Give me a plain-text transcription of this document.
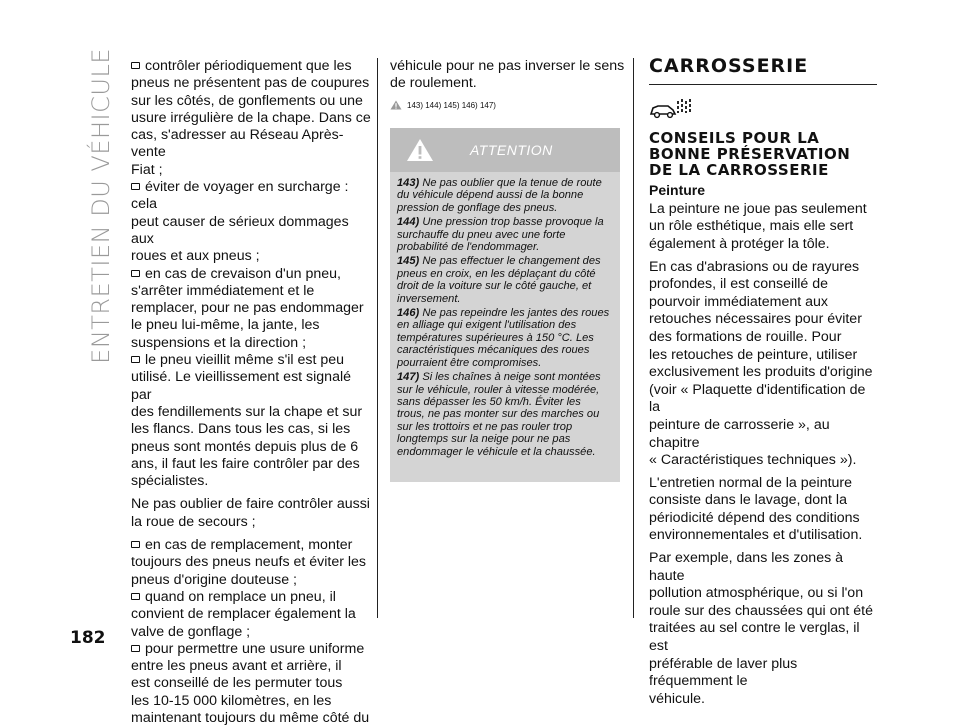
ENTRETIEN DU VÉHICULE
182

contrôler périodiquement que les

pneus ne présentent pas de coupures

sur les côtés, de gonflements ou une

usure irrégulière de la chape. Dans ce

cas, s'adresser au Réseau Après-vente

Fiat ;

éviter de voyager en surcharge : cela

peut causer de sérieux dommages aux

roues et aux pneus ;

en cas de crevaison d'un pneu,

s'arrêter immédiatement et le

remplacer, pour ne pas endommager

le pneu lui-même, la jante, les

suspensions et la direction ;

le pneu vieillit même s'il est peu

utilisé. Le vieillissement est signalé par

des fendillements sur la chape et sur

les flancs. Dans tous les cas, si les

pneus sont montés depuis plus de 6

ans, il faut les faire contrôler par des

spécialistes.

Ne pas oublier de faire contrôler aussi

la roue de secours ;

en cas de remplacement, monter

toujours des pneus neufs et éviter les

pneus d'origine douteuse ;

quand on remplace un pneu, il

convient de remplacer également la

valve de gonflage ;

pour permettre une usure uniforme

entre les pneus avant et arrière, il

est conseillé de les permuter tous

les 10-15 000 kilomètres, en les

maintenant toujours du même côté du

véhicule pour ne pas inverser le sens

de roulement.

143) 144) 145) 146) 147)
ATTENTION

143) Ne pas oublier que la tenue de route du véhicule dépend aussi de la bonne pression de gonflage des pneus.

144) Une pression trop basse provoque la surchauffe du pneu avec une forte probabilité de l'endommager.

145) Ne pas effectuer le changement des pneus en croix, en les déplaçant du côté droit de la voiture sur le côté gauche, et inversement.

146) Ne pas repeindre les jantes des roues en alliage qui exigent l'utilisation des températures supérieures à 150 °C. Les caractéristiques mécaniques des roues pourraient être compromises.

147) Si les chaînes à neige sont montées sur le véhicule, rouler à vitesse modérée, sans dépasser les 50 km/h. Éviter les trous, ne pas monter sur des marches ou sur les trottoirs et ne pas rouler trop longtemps sur la neige pour ne pas endommager le véhicule et la chaussée.

CARROSSERIE
CONSEILS POUR LA
BONNE PRÉSERVATION
DE LA CARROSSERIE
Peinture

La peinture ne joue pas seulement
un rôle esthétique, mais elle sert
également à protéger la tôle.

En cas d'abrasions ou de rayures
profondes, il est conseillé de
pourvoir immédiatement aux
retouches nécessaires pour éviter
des formations de rouille. Pour
les retouches de peinture, utiliser
exclusivement les produits d'origine
(voir « Plaquette d'identification de la
peinture de carrosserie », au chapitre
« Caractéristiques techniques »).

L'entretien normal de la peinture
consiste dans le lavage, dont la
périodicité dépend des conditions
environnementales et d'utilisation.

Par exemple, dans les zones à haute
pollution atmosphérique, ou si l'on
roule sur des chaussées qui ont été
traitées au sel contre le verglas, il est
préférable de laver plus fréquemment le
véhicule.
